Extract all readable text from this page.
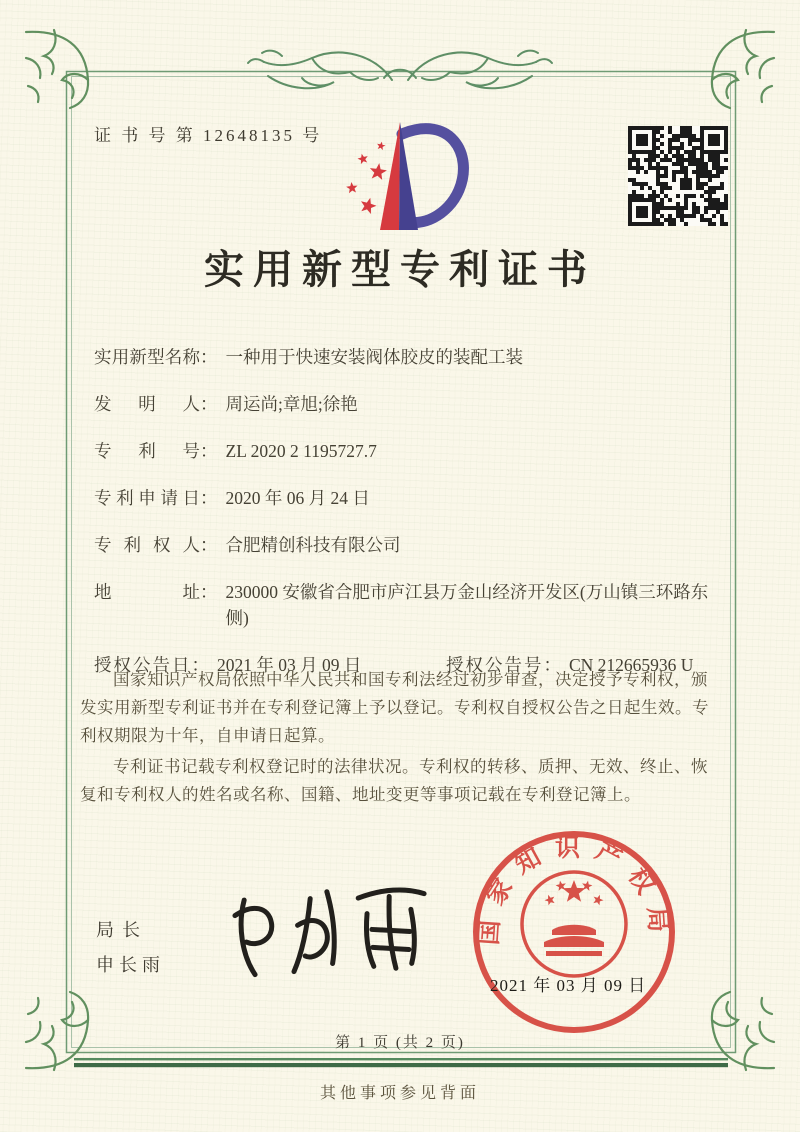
证 书 号 第 12648135 号
实用新型专利证书
实用新型名称 ： 一种用于快速安装阀体胶皮的装配工装
发明人 ： 周运尚;章旭;徐艳
专利号 ： ZL 2020 2 1195727.7
专利申请日 ： 2020 年 06 月 24 日
专利权人 ： 合肥精创科技有限公司
地址 ： 230000 安徽省合肥市庐江县万金山经济开发区(万山镇三环路东侧)
授权公告日 ： 2021 年 03 月 09 日	授权公告号 ： CN 212665936 U

国家知识产权局依照中华人民共和国专利法经过初步审查，决定授予专利权，颁发实用新型专利证书并在专利登记簿上予以登记。专利权自授权公告之日起生效。专利权期限为十年，自申请日起算。

专利证书记载专利权登记时的法律状况。专利权的转移、质押、无效、终止、恢复和专利权人的姓名或名称、国籍、地址变更等事项记载在专利登记簿上。

局长
申长雨
国家知识产权局
2021 年 03 月 09 日
第 1 页 (共 2 页)
其他事项参见背面
